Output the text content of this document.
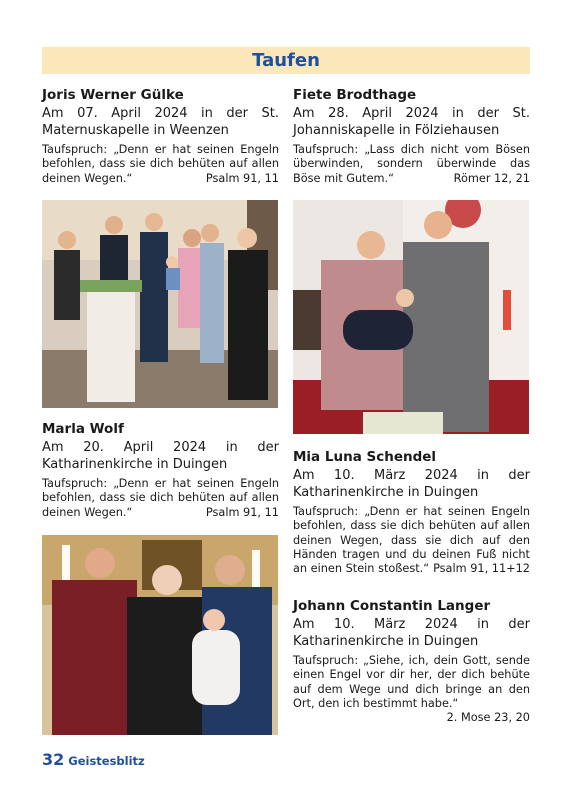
Taufen

Joris Werner Gülke

Am 07. April 2024 in der St. Maternuskapelle in Weenzen

Taufspruch: „Denn er hat seinen Engeln befohlen, dass sie dich behüten auf allen deinen Wegen.“	Psalm 91, 11

Fiete Brodthage

Am 28. April 2024 in der St. Johanniskapelle in Fölziehausen

Taufspruch: „Lass dich nicht vom Bösen überwinden, sondern überwinde das Böse mit Gutem.“	Römer 12, 21

Marla Wolf

Am 20. April 2024 in der Katharinenkirche in Duingen

Taufspruch: „Denn er hat seinen Engeln befohlen, dass sie dich behüten auf allen deinen Wegen.“	Psalm 91, 11

Mia Luna Schendel

Am 10. März 2024 in der Katharinenkirche in Duingen

Taufspruch: „Denn er hat seinen Engeln befohlen, dass sie dich behüten auf allen deinen Wegen, dass sie dich auf den Händen tragen und du deinen Fuß nicht an einen Stein stoßest.“ Psalm 91, 11+12

Johann Constantin Langer

Am 10. März 2024 in der Katharinenkirche in Duingen

Taufspruch: „Siehe, ich, dein Gott, sende einen Engel vor dir her, der dich behüte auf dem Wege und dich bringe an den Ort, den ich bestimmt habe.“
2. Mose 23, 20

32 Geistesblitz
